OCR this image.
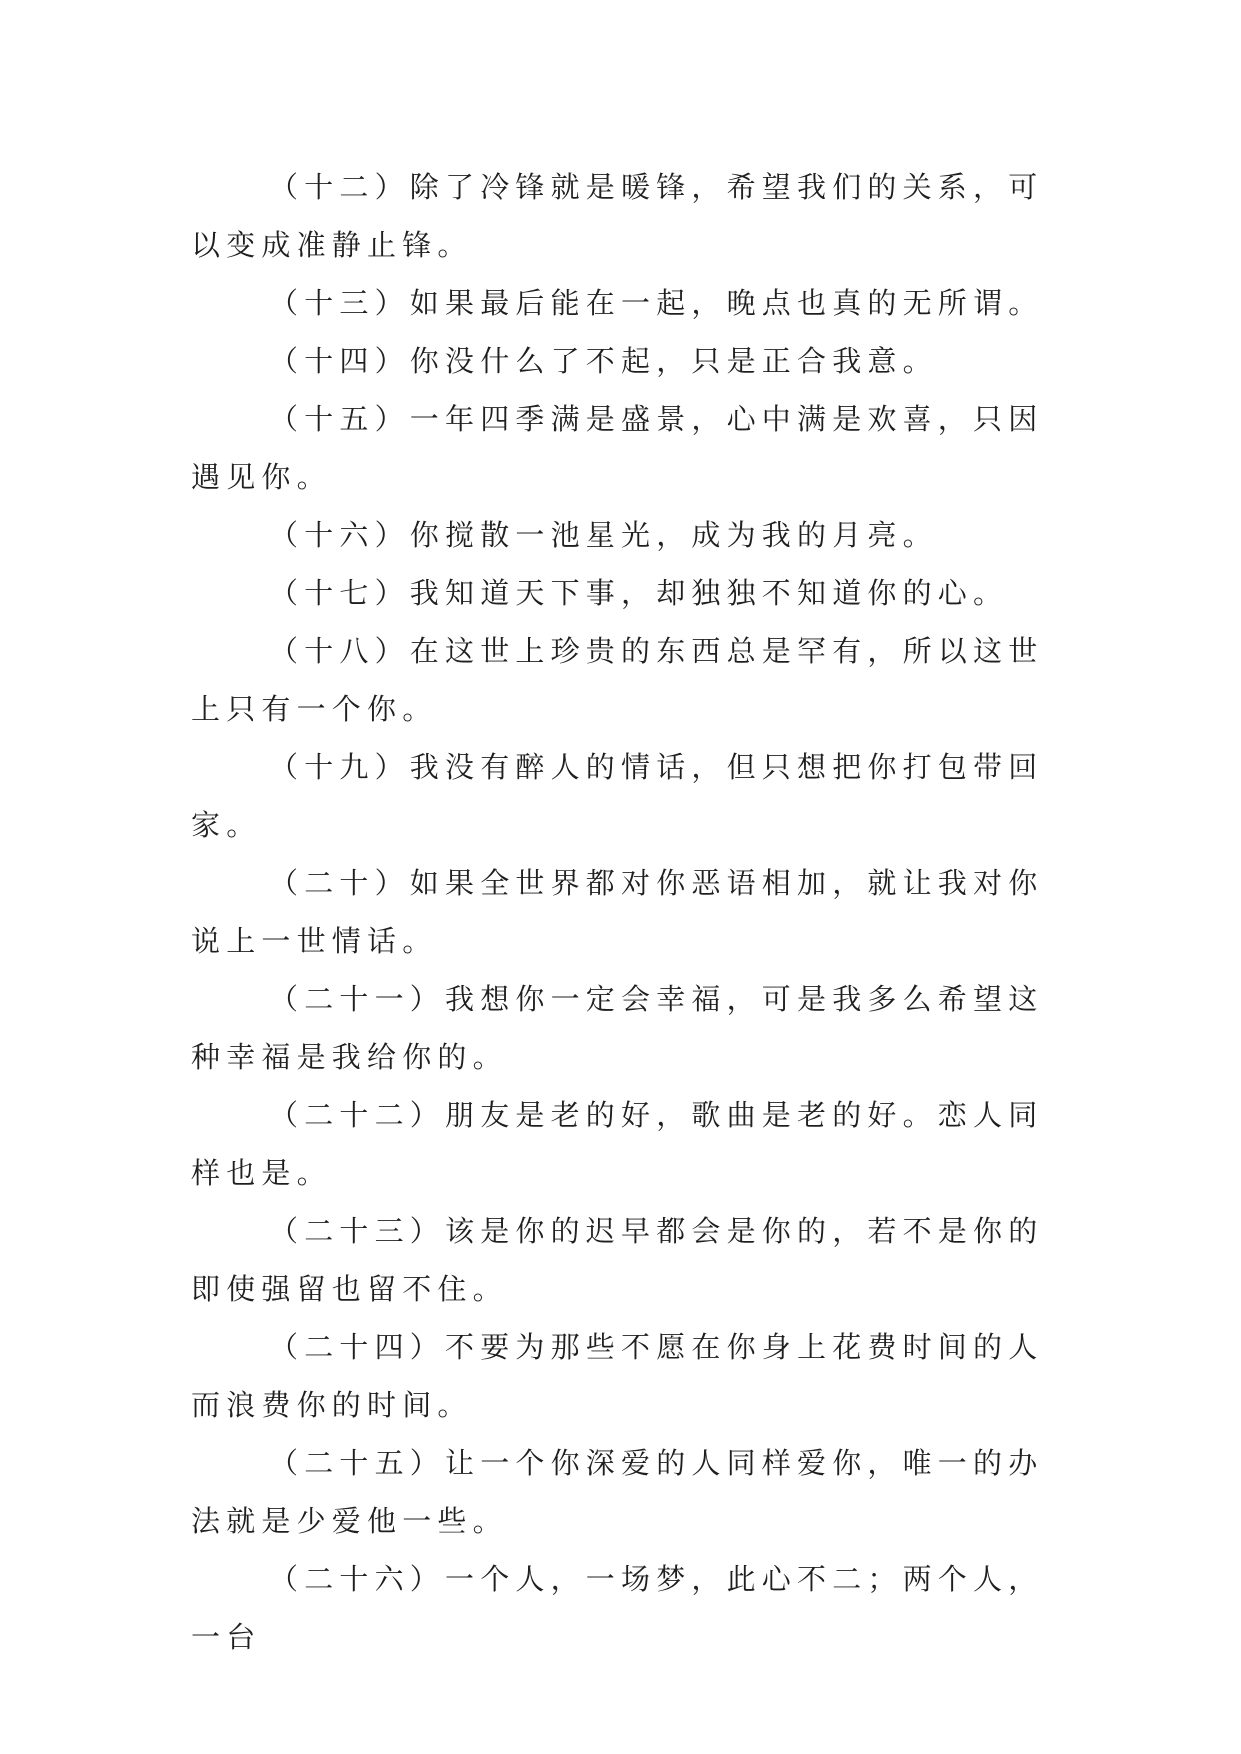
（十二）除了冷锋就是暖锋，希望我们的关系，可以变成准静止锋。

（十三）如果最后能在一起，晚点也真的无所谓。

（十四）你没什么了不起，只是正合我意。

（十五）一年四季满是盛景，心中满是欢喜，只因遇见你。

（十六）你搅散一池星光，成为我的月亮。

（十七）我知道天下事，却独独不知道你的心。

（十八）在这世上珍贵的东西总是罕有，所以这世上只有一个你。

（十九）我没有醉人的情话，但只想把你打包带回家。

（二十）如果全世界都对你恶语相加，就让我对你说上一世情话。

（二十一）我想你一定会幸福，可是我多么希望这种幸福是我给你的。

（二十二）朋友是老的好，歌曲是老的好。恋人同样也是。

（二十三）该是你的迟早都会是你的，若不是你的即使强留也留不住。

（二十四）不要为那些不愿在你身上花费时间的人而浪费你的时间。

（二十五）让一个你深爱的人同样爱你，唯一的办法就是少爱他一些。

（二十六）一个人，一场梦，此心不二；两个人，一台
